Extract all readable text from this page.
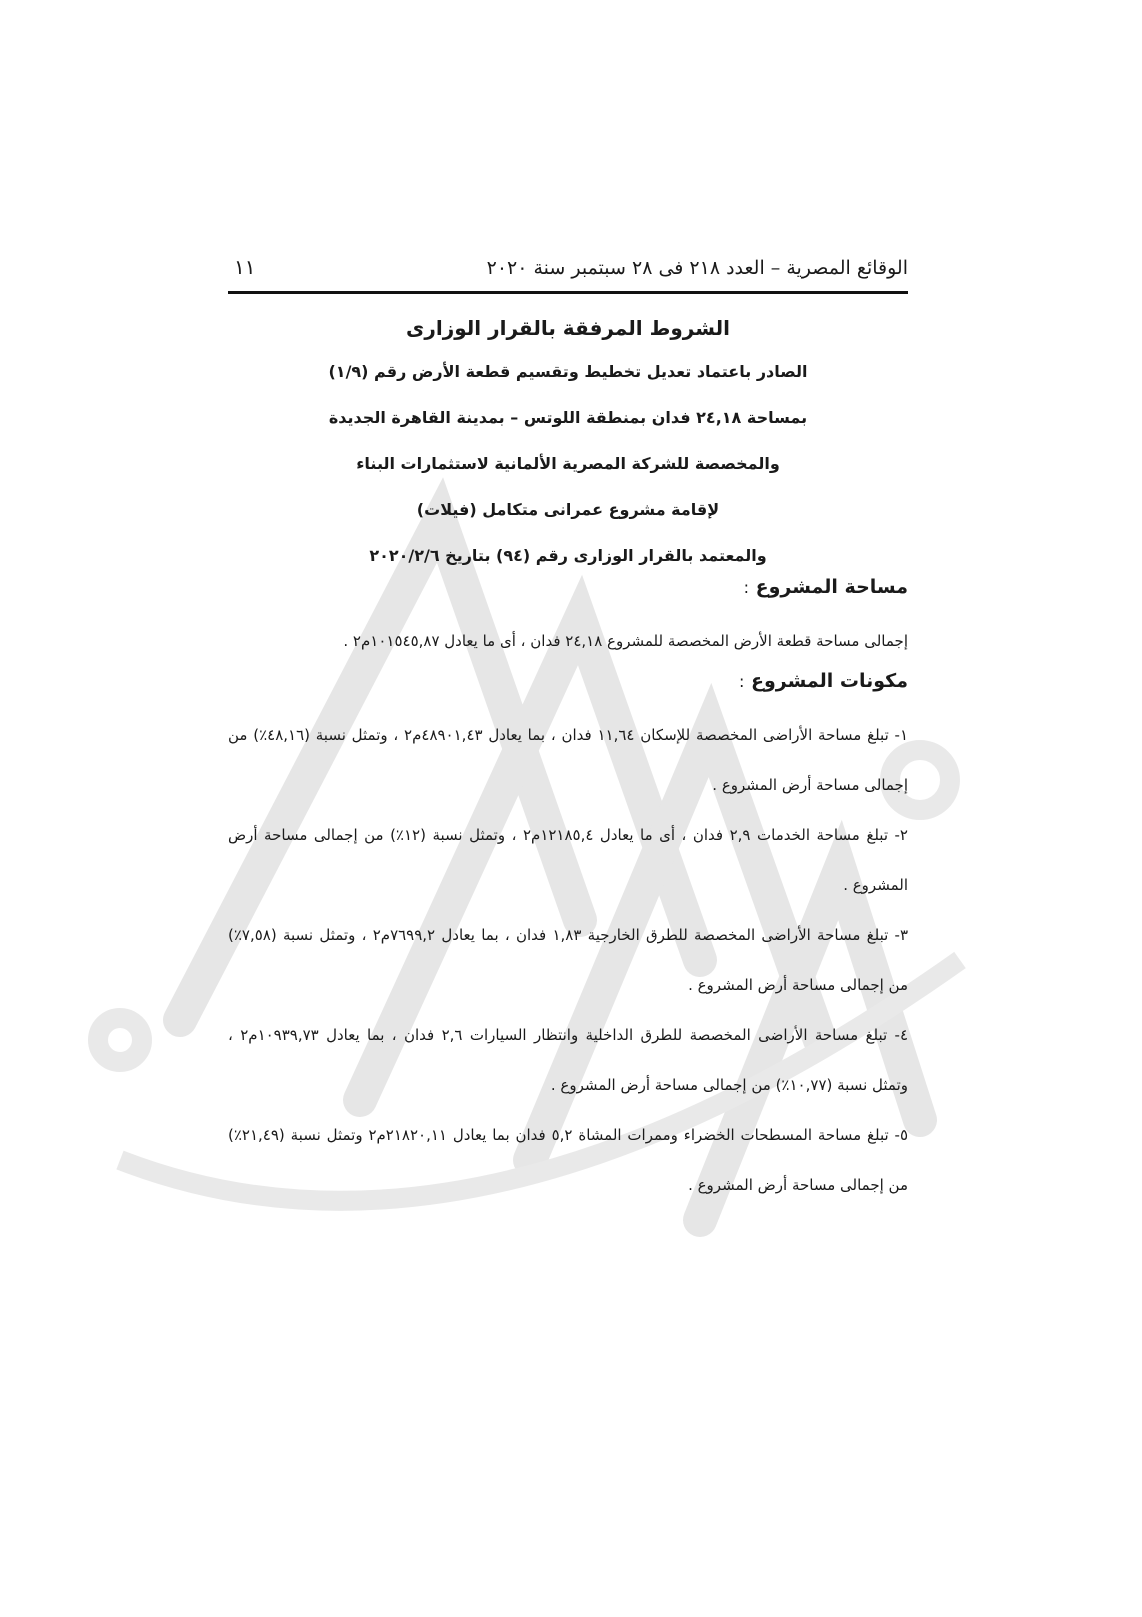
الوقائع المصرية – العدد ٢١٨ فى ٢٨ سبتمبر سنة ٢٠٢٠
١١
الشروط المرفقة بالقرار الوزارى
الصادر باعتماد تعديل تخطيط وتقسيم قطعة الأرض رقم (١/٩)
بمساحة ٢٤,١٨ فدان بمنطقة اللوتس – بمدينة القاهرة الجديدة
والمخصصة للشركة المصرية الألمانية لاستثمارات البناء
لإقامة مشروع عمرانى متكامل (فيلات)
والمعتمد بالقرار الوزارى رقم (٩٤) بتاريخ ٢٠٢٠/٢/٦
مساحة المشروع :

إجمالى مساحة قطعة الأرض المخصصة للمشروع ٢٤,١٨ فدان ، أى ما يعادل ١٠١٥٤٥,٨٧م٢ .

مكونات المشروع :

١- تبلغ مساحة الأراضى المخصصة للإسكان ١١,٦٤ فدان ، بما يعادل ٤٨٩٠١,٤٣م٢ ، وتمثل نسبة (٤٨,١٦٪) من إجمالى مساحة أرض المشروع .

٢- تبلغ مساحة الخدمات ٢,٩ فدان ، أى ما يعادل ١٢١٨٥,٤م٢ ، وتمثل نسبة (١٢٪) من إجمالى مساحة أرض المشروع .

٣- تبلغ مساحة الأراضى المخصصة للطرق الخارجية ١,٨٣ فدان ، بما يعادل ٧٦٩٩,٢م٢ ، وتمثل نسبة (٧,٥٨٪) من إجمالى مساحة أرض المشروع .

٤- تبلغ مساحة الأراضى المخصصة للطرق الداخلية وانتظار السيارات ٢,٦ فدان ، بما يعادل ١٠٩٣٩,٧٣م٢ ، وتمثل نسبة (١٠,٧٧٪) من إجمالى مساحة أرض المشروع .

٥- تبلغ مساحة المسطحات الخضراء وممرات المشاة ٥,٢ فدان بما يعادل ٢١٨٢٠,١١م٢ وتمثل نسبة (٢١,٤٩٪) من إجمالى مساحة أرض المشروع .
